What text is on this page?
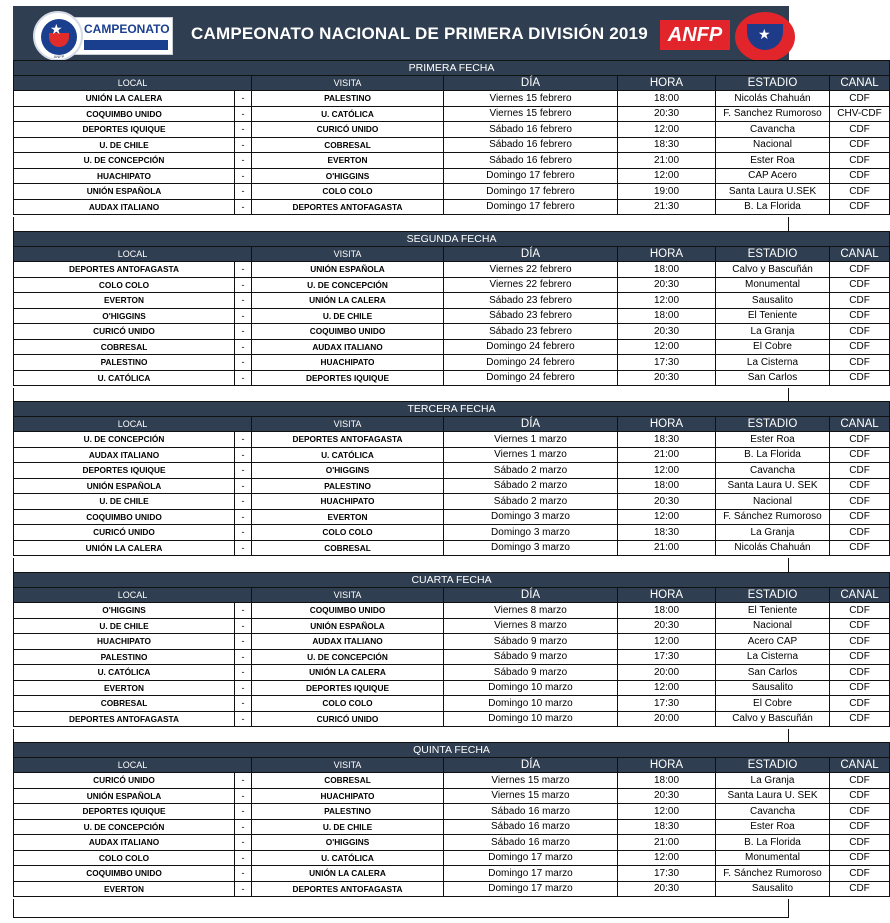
CAMPEONATO
★
ANFP
CAMPEONATO NACIONAL DE PRIMERA DIVISIÓN 2019 ANFP	★
PRIMERA FECHA						
LOCAL		VISITA	DÍA	HORA	ESTADIO	CANAL
UNIÓN LA CALERA	-	PALESTINO	Viernes 15 febrero	18:00	Nicolás Chahuán	CDF
COQUIMBO UNIDO	-	U. CATÓLICA	Viernes 15 febrero	20:30	F. Sanchez Rumoroso	CHV-CDF
DEPORTES IQUIQUE	-	CURICÓ UNIDO	Sábado 16 febrero	12:00	Cavancha	CDF
U. DE CHILE	-	COBRESAL	Sábado 16 febrero	18:30	Nacional	CDF
U. DE CONCEPCIÓN	-	EVERTON	Sábado 16 febrero	21:00	Ester Roa	CDF
HUACHIPATO	-	O'HIGGINS	Domingo 17 febrero	12:00	CAP Acero	CDF
UNIÓN ESPAÑOLA	-	COLO COLO	Domingo 17 febrero	19:00	Santa Laura U.SEK	CDF
AUDAX ITALIANO	-	DEPORTES ANTOFAGASTA	Domingo 17 febrero	21:30	B. La Florida	CDF
SEGUNDA FECHA						
LOCAL		VISITA	DÍA	HORA	ESTADIO	CANAL
DEPORTES ANTOFAGASTA	-	UNIÓN ESPAÑOLA	Viernes 22 febrero	18:00	Calvo y Bascuñán	CDF
COLO COLO	-	U. DE CONCEPCIÓN	Viernes 22 febrero	20:30	Monumental	CDF
EVERTON	-	UNIÓN LA CALERA	Sábado 23 febrero	12:00	Sausalito	CDF
O'HIGGINS	-	U. DE CHILE	Sábado 23 febrero	18:00	El Teniente	CDF
CURICÓ UNIDO	-	COQUIMBO UNIDO	Sábado 23 febrero	20:30	La Granja	CDF
COBRESAL	-	AUDAX ITALIANO	Domingo 24 febrero	12:00	El Cobre	CDF
PALESTINO	-	HUACHIPATO	Domingo 24 febrero	17:30	La Cisterna	CDF
U. CATÓLICA	-	DEPORTES IQUIQUE	Domingo 24 febrero	20:30	San Carlos	CDF
TERCERA FECHA						
LOCAL		VISITA	DÍA	HORA	ESTADIO	CANAL
U. DE CONCEPCIÓN	-	DEPORTES ANTOFAGASTA	Viernes 1 marzo	18:30	Ester Roa	CDF
AUDAX ITALIANO	-	U. CATÓLICA	Viernes 1 marzo	21:00	B. La Florida	CDF
DEPORTES IQUIQUE	-	O'HIGGINS	Sábado 2 marzo	12:00	Cavancha	CDF
UNIÓN ESPAÑOLA	-	PALESTINO	Sábado 2 marzo	18:00	Santa Laura U. SEK	CDF
U. DE CHILE	-	HUACHIPATO	Sábado 2 marzo	20:30	Nacional	CDF
COQUIMBO UNIDO	-	EVERTON	Domingo 3 marzo	12:00	F. Sánchez Rumoroso	CDF
CURICÓ UNIDO	-	COLO COLO	Domingo 3 marzo	18:30	La Granja	CDF
UNIÓN LA CALERA	-	COBRESAL	Domingo 3 marzo	21:00	Nicolás Chahuán	CDF
CUARTA FECHA						
LOCAL		VISITA	DÍA	HORA	ESTADIO	CANAL
O'HIGGINS	-	COQUIMBO UNIDO	Viernes 8 marzo	18:00	El Teniente	CDF
U. DE CHILE	-	UNIÓN ESPAÑOLA	Viernes 8 marzo	20:30	Nacional	CDF
HUACHIPATO	-	AUDAX ITALIANO	Sábado 9 marzo	12:00	Acero CAP	CDF
PALESTINO	-	U. DE CONCEPCIÓN	Sábado 9 marzo	17:30	La Cisterna	CDF
U. CATÓLICA	-	UNIÓN LA CALERA	Sábado 9 marzo	20:00	San Carlos	CDF
EVERTON	-	DEPORTES IQUIQUE	Domingo 10 marzo	12:00	Sausalito	CDF
COBRESAL	-	COLO COLO	Domingo 10 marzo	17:30	El Cobre	CDF
DEPORTES ANTOFAGASTA	-	CURICÓ UNIDO	Domingo 10 marzo	20:00	Calvo y Bascuñán	CDF
QUINTA FECHA						
LOCAL		VISITA	DÍA	HORA	ESTADIO	CANAL
CURICÓ UNIDO	-	COBRESAL	Viernes 15 marzo	18:00	La Granja	CDF
UNIÓN ESPAÑOLA	-	HUACHIPATO	Viernes 15 marzo	20:30	Santa Laura U. SEK	CDF
DEPORTES IQUIQUE	-	PALESTINO	Sábado 16 marzo	12:00	Cavancha	CDF
U. DE CONCEPCIÓN	-	U. DE CHILE	Sábado 16 marzo	18:30	Ester Roa	CDF
AUDAX ITALIANO	-	O'HIGGINS	Sábado 16 marzo	21:00	B. La Florida	CDF
COLO COLO	-	U. CATÓLICA	Domingo 17 marzo	12:00	Monumental	CDF
COQUIMBO UNIDO	-	UNIÓN LA CALERA	Domingo 17 marzo	17:30	F. Sánchez Rumoroso	CDF
EVERTON	-	DEPORTES ANTOFAGASTA	Domingo 17 marzo	20:30	Sausalito	CDF
